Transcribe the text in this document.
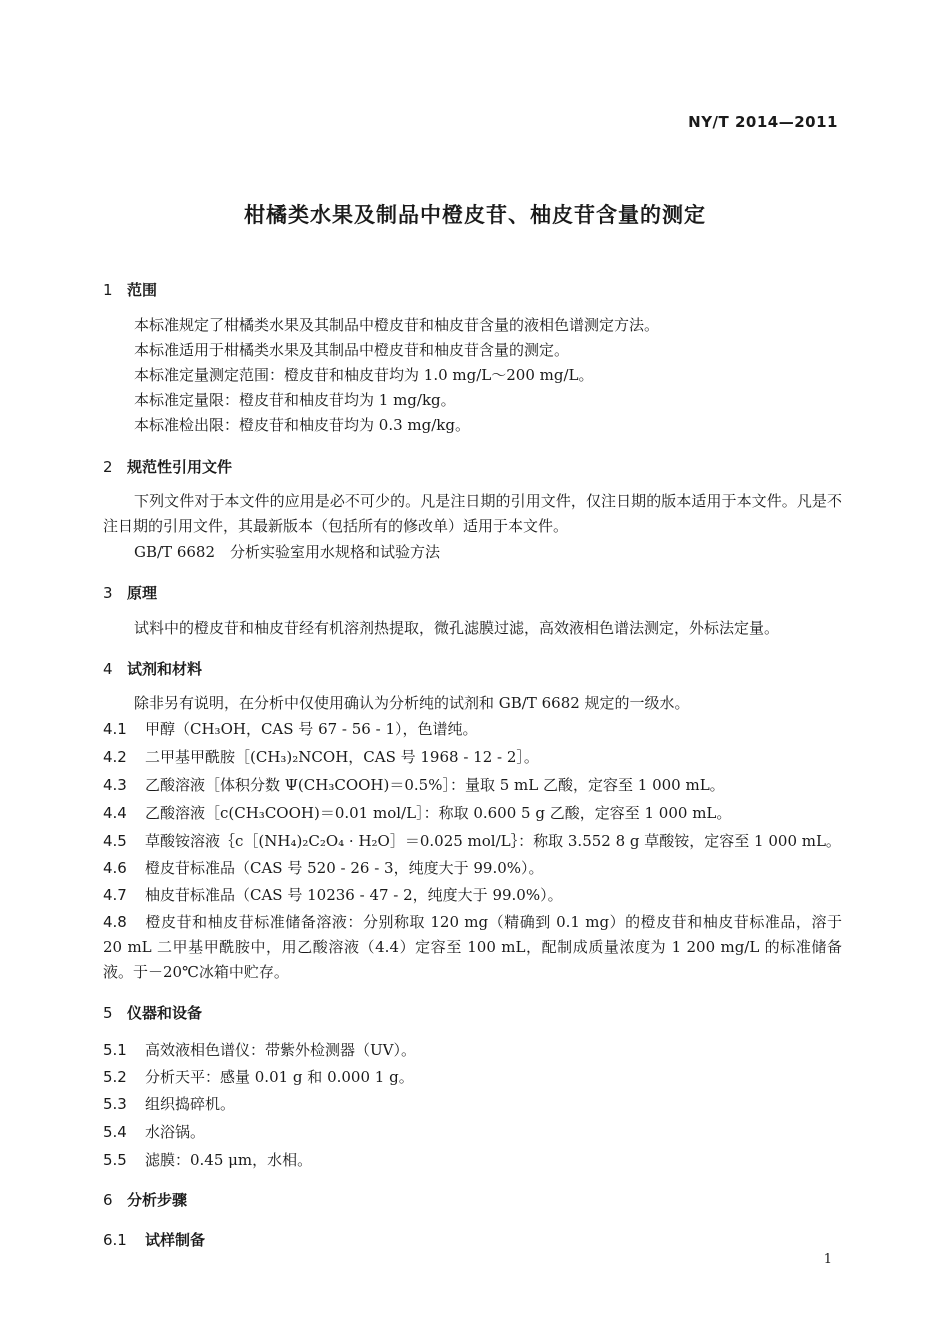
NY/T 2014—2011
柑橘类水果及制品中橙皮苷、柚皮苷含量的测定
1 范围
本标准规定了柑橘类水果及其制品中橙皮苷和柚皮苷含量的液相色谱测定方法。
本标准适用于柑橘类水果及其制品中橙皮苷和柚皮苷含量的测定。
本标准定量测定范围：橙皮苷和柚皮苷均为 1.0 mg/L～200 mg/L。
本标准定量限：橙皮苷和柚皮苷均为 1 mg/kg。
本标准检出限：橙皮苷和柚皮苷均为 0.3 mg/kg。
2 规范性引用文件
下列文件对于本文件的应用是必不可少的。凡是注日期的引用文件，仅注日期的版本适用于本文件。凡是不注日期的引用文件，其最新版本（包括所有的修改单）适用于本文件。
GB/T 6682　分析实验室用水规格和试验方法
3 原理
试料中的橙皮苷和柚皮苷经有机溶剂热提取，微孔滤膜过滤，高效液相色谱法测定，外标法定量。
4 试剂和材料
除非另有说明，在分析中仅使用确认为分析纯的试剂和 GB/T 6682 规定的一级水。
4.1 甲醇（CH₃OH，CAS 号 67 - 56 - 1），色谱纯。
4.2 二甲基甲酰胺［(CH₃)₂NCOH，CAS 号 1968 - 12 - 2］。
4.3 乙酸溶液［体积分数 Ψ(CH₃COOH)＝0.5%］：量取 5 mL 乙酸，定容至 1 000 mL。
4.4 乙酸溶液［c(CH₃COOH)＝0.01 mol/L］：称取 0.600 5 g 乙酸，定容至 1 000 mL。
4.5 草酸铵溶液｛c［(NH₄)₂C₂O₄ · H₂O］＝0.025 mol/L｝：称取 3.552 8 g 草酸铵，定容至 1 000 mL。
4.6 橙皮苷标准品（CAS 号 520 - 26 - 3，纯度大于 99.0%）。
4.7 柚皮苷标准品（CAS 号 10236 - 47 - 2，纯度大于 99.0%）。
4.8 橙皮苷和柚皮苷标准储备溶液：分别称取 120 mg（精确到 0.1 mg）的橙皮苷和柚皮苷标准品，溶于 20 mL 二甲基甲酰胺中，用乙酸溶液（4.4）定容至 100 mL，配制成质量浓度为 1 200 mg/L 的标准储备液。于－20℃冰箱中贮存。
5 仪器和设备
5.1 高效液相色谱仪：带紫外检测器（UV）。
5.2 分析天平：感量 0.01 g 和 0.000 1 g。
5.3 组织捣碎机。
5.4 水浴锅。
5.5 滤膜：0.45 μm，水相。
6 分析步骤
6.1 试样制备
1
